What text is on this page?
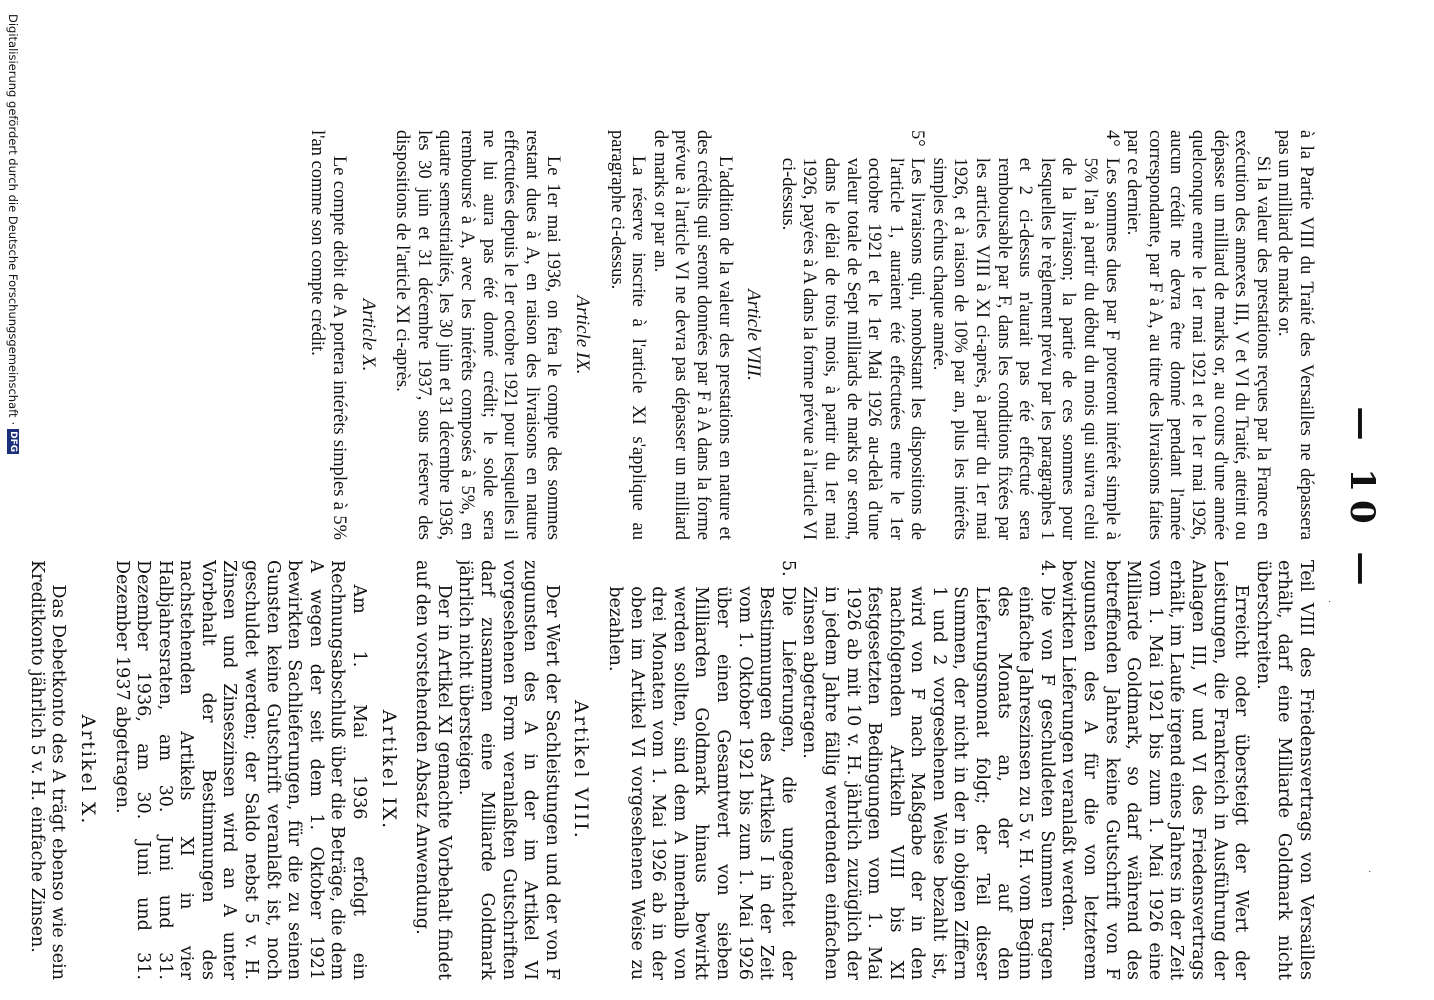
— 10 —
·
·

à la Partie VIII du Traité des Versailles ne dépassera pas un milliard de marks or.

Si la valeur des prestations reçues par la France en exécution des annexes III, V et VI du Traité, atteint ou dépasse un milliard de marks or, au cours d'une année quelconque entre le 1er mai 1921 et le 1er mai 1926, aucun crédit ne devra être donné pendant l'année correspondante, par F à A, au titre des livraisons faites par ce dernier.

4°
Les sommes dues par F proteront intérêt simple à 5% l'an à partir du début du mois qui suivra celui de la livraison; la partie de ces sommes pour lesquelles le règlement prévu par les paragraphes 1 et 2 ci-dessus n'aurait pas été effectué sera remboursable par F, dans les conditions fixées par les articles VIII à XI ci-après, à partir du 1er mai 1926, et à raison de 10% par an, plus les intérêts simples échus chaque année.

5°
Les livraisons qui, nonobstant les dispositions de l'article 1, auraient été effectuées entre le 1er octobre 1921 et le 1er Mai 1926 au-delà d'une valeur totale de Sept milliards de marks or seront, dans le délai de trois mois, à partir du 1er mai 1926, payées à A dans la forme prévue à l'article VI ci-dessus.

Article VIII.

L'addition de la valeur des prestations en nature et des crédits qui seront données par F à A dans la forme prévue à l'article VI ne devra pas dépasser un milliard de marks or par an.

La réserve inscrite à l'article XI s'applique au paragraphe ci-dessus.

Article IX.

Le 1er mai 1936, on fera le compte des sommes restant dues à A, en raison des livraisons en nature effectuées depuis le 1er octobre 1921 pour lesquelles il ne lui aura pas été donné crédit; le solde sera remboursé à A, avec les intérêts composés à 5%, en quatre semestrialités, les 30 juin et 31 décembre 1936, les 30 juin et 31 décembre 1937, sous réserve des dispositions de l'article XI ci-après.

Article X.

Le compte débit de A portera intérêts simples à 5% l'an comme son compte crédit.

Teil VIII des Friedensvertrags von Versailles erhält, darf eine Milliarde Goldmark nicht überschreiten.

Erreicht oder übersteigt der Wert der Leistungen, die Frankreich in Ausführung der Anlagen III, V und VI des Friedensvertrags erhält, im Laufe irgend eines Jahres in der Zeit vom 1. Mai 1921 bis zum 1. Mai 1926 eine Milliarde Goldmark, so darf während des betreffenden Jahres keine Gutschrift von F zugunsten des A für die von letzterem bewirkten Lieferungen veranlaßt werden.

4.
Die von F geschuldeten Summen tragen einfache Jahreszinsen zu 5 v. H. vom Beginn des Monats an, der auf den Lieferungsmonat folgt; der Teil dieser Summen, der nicht in der in obigen Ziffern 1 und 2 vorgesehenen Weise bezahlt ist, wird von F nach Maßgabe der in den nachfolgenden Artikeln VIII bis XI festgesetzten Bedingungen vom 1. Mai 1926 ab mit 10 v. H. jährlich zuzüglich der in jedem Jahre fällig werdenden einfachen Zinsen abgetragen.

5.
Die Lieferungen, die ungeachtet der Bestimmungen des Artikels I in der Zeit vom 1. Oktober 1921 bis zum 1. Mai 1926 über einen Gesamtwert von sieben Milliarden Goldmark hinaus bewirkt werden sollten, sind dem A innerhalb von drei Monaten vom 1. Mai 1926 ab in der oben im Artikel VI vorgesehenen Weise zu bezahlen.

Artikel VIII.

Der Wert der Sachleistungen und der von F zugunsten des A in der im Artikel VI vorgesehenen Form veranlaßten Gutschriften darf zusammen eine Milliarde Goldmark jährlich nicht übersteigen.

Der in Artikel XI gemachte Vorbehalt findet auf den vorstehenden Absatz Anwendung.

Artikel IX.

Am 1. Mai 1936 erfolgt ein Rechnungsabschluß über die Beträge, die dem A wegen der seit dem 1. Oktober 1921 bewirkten Sachlieferungen, für die zu seinen Gunsten keine Gutschrift veranlaßt ist, noch geschuldet werden; der Saldo nebst 5 v. H. Zinsen und Zinseszinsen wird an A unter Vorbehalt der Bestimmungen des nachstehenden Artikels XI in vier Halbjahresraten, am 30. Juni und 31. Dezember 1936, am 30. Juni und 31. Dezember 1937 abgetragen.

Artikel X.

Das Debetkonto des A trägt ebenso wie sein Kreditkonto jährlich 5 v. H. einfache Zinsen.

Digitalisierung gefördert durch die Deutsche Forschungsgemeinschaft
·
DFG
